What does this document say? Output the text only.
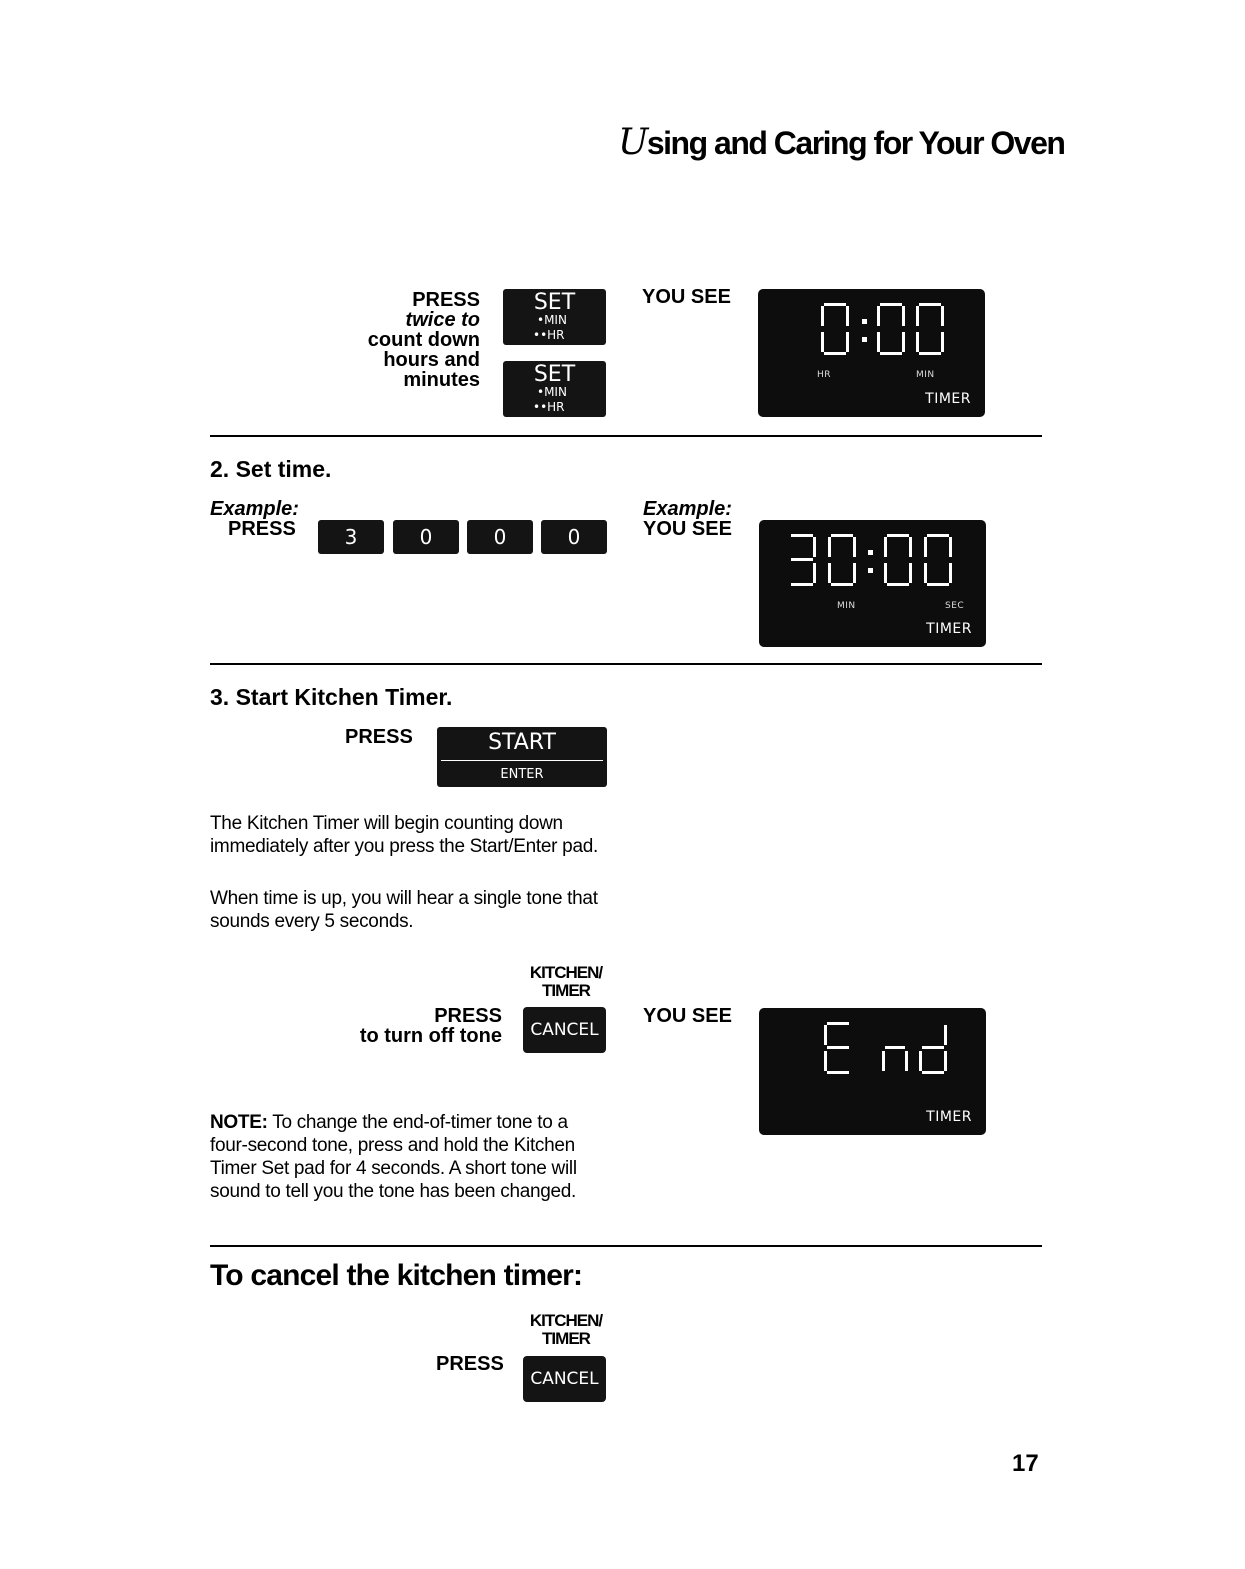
Using and Caring for Your Oven
PRESS
twice to
count down
hours and
minutes
SET
•MIN
••HR
SET
•MIN
••HR
YOU SEE
HR	MIN
TIMER
2. Set time.
Example:
PRESS	3	0	0	0
Example:
YOU SEE
MIN	SEC
TIMER
3. Start Kitchen Timer.
PRESS	START
ENTER
The Kitchen Timer will begin counting down immediately after you press the Start/Enter pad.
When time is up, you will hear a single tone that sounds every 5 seconds.
KITCHEN/
TIMER
PRESS
to turn off tone	CANCEL
YOU SEE
TIMER
NOTE: To change the end-of-timer tone to a four-second tone, press and hold the Kitchen Timer Set pad for 4 seconds. A short tone will sound to tell you the tone has been changed.
To cancel the kitchen timer:
KITCHEN/
TIMER
PRESS
CANCEL
17
